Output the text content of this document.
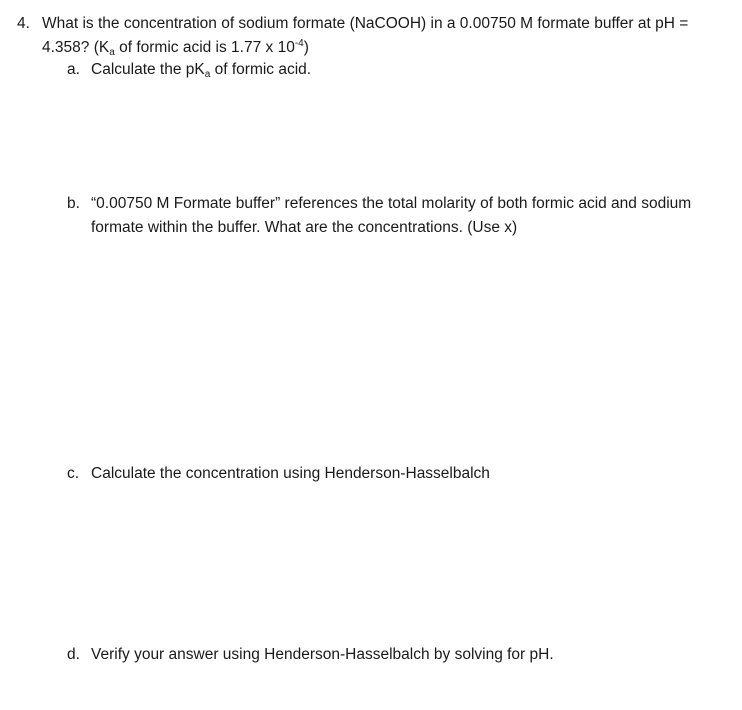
4. What is the concentration of sodium formate (NaCOOH) in a 0.00750 M formate buffer at pH =
4.358? ($K_a$ of formic acid is 1.77 x $10^{-4}$)
a. Calculate the $pK_a$ of formic acid.
b. “0.00750 M Formate buffer” references the total molarity of both formic acid and sodium
formate within the buffer. What are the concentrations. (Use x)
c. Calculate the concentration using Henderson-Hasselbalch
d. Verify your answer using Henderson-Hasselbalch by solving for pH.
